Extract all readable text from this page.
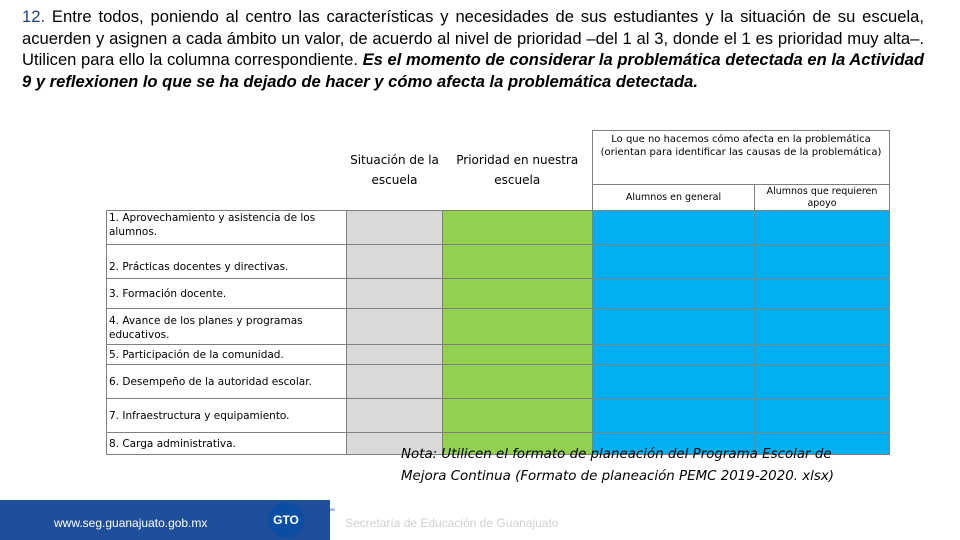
12. Entre todos, poniendo al centro las características y necesidades de sus estudiantes y la situación de su escuela, acuerden y asignen a cada ámbito un valor, de acuerdo al nivel de prioridad –del 1 al 3, donde el 1 es prioridad muy alta–. Utilicen para ello la columna correspondiente. Es el momento de considerar la problemática detectada en la Actividad 9 y reflexionen lo que se ha dejado de hacer y cómo afecta la problemática detectada.
	Situación de la escuela	Prioridad en nuestra escuela	Lo que no hacemos cómo afecta en la problemática (orientan para identificar las causas de la problemática)	
			Alumnos en general	Alumnos que requieren apoyo
1. Aprovechamiento y asistencia de los alumnos.				
2. Prácticas docentes y directivas.				
3. Formación docente.				
4. Avance de los planes y programas educativos.				
5. Participación de la comunidad.				
6. Desempeño de la autoridad escolar.				
7. Infraestructura y equipamiento.				
8. Carga administrativa.				
www.seg.guanajuato.gob.mx	GTO
Grandeza de México
Secretaría de Educación de Guanajuato
Nota: Utilicen el formato de planeación del Programa Escolar de Mejora Continua (Formato de planeación PEMC 2019-2020. xlsx)
